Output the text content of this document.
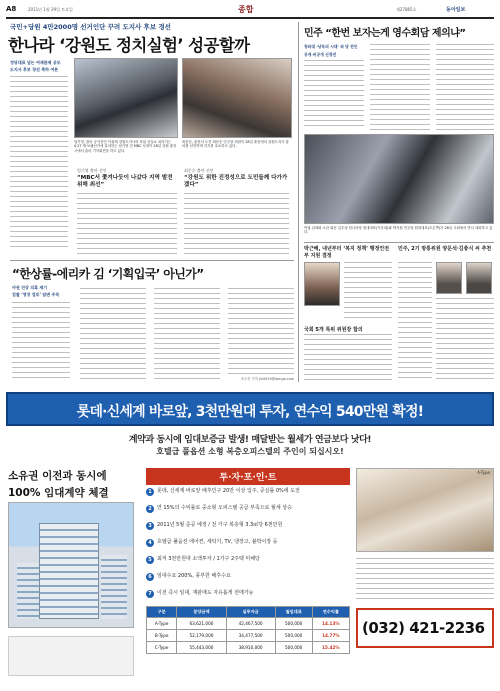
A8	2011년 1월 29일 토요일	종합	제27865호	동아일보
국민+당원 4만2000명 선거인단 꾸려 도지사 후보 경선
한나라 ‘강원도 정치실험’ 성공할까
정당대표 넘는 여재관제 공모
도지사 후보 경선 축하 여론
엄기영, 출마 공식선언 이광재 강원도지사의 직위 상실로 치러지는 4·27 재·보궐선거에 출마하는 엄기영 전 MBC 사장이 28일 강원 춘천시에서 출마 기자회견을 하고 있다.
최문순, 춘천서 도전 최문순 민주당 의원이 28일 춘천에서 강원도지사 출마를 선언하며 지지를 호소하고 있다.
엄기영 출마 선언
“MBC서 쫓겨나듯이 나갔다 지역 발전 위해 최선”
최문순 출마 선언
“강원도 위한 진정성으로 도민들께 다가가겠다”
“한상률-에리카 김 ‘기획입국’ 아닌가”
야권 진상 의혹 제기
검찰 ‘영장 검토’ 답변 주목
조수진 기자 jin0619@donga.com
민주 “한번 보자는게 영수회담 제의냐”
청와대 ‘낭독의 시대’ 와 당 전인
공개·비공개 신경전
여권 실세와 오찬 회동 김무성 한나라당 원내대표(가운데)와 박지원 민주당 원내대표(오른쪽)가 28일 국회에서 만나 대화하고 있다.
박근혜, 내년부터 ‘복지 정책’ 행정안전부 지원 결정
국회 5개 특위 위원장 합의
민주, 2기 방통위원 양문석·김충식 씨 추천
롯데·신세계 바로앞, 3천만원대 투자, 연수익 540만원 확정!
계약과 동시에 임대보증금 발생! 매달받는 월세가 연금보다 낫다!
호텔급 풀옵션 소형 복층오피스텔의 주인이 되십시오!
소유권 이전과 동시에
100% 임대계약 체결
투·자·포·인·트
1	롯데, 신세계 바로앞 배후인구 20만 이상 입주, 공실률 0%에 도전
2	연 15%의 수익률로 중소형 오피스텔 공급 부족으로 월세 상승
3	2011년 5월 준공 예정 / 전 가구 복층형 3.3㎡당 6천만원
4	호텔급 풀옵션 에어컨, 세탁기, TV, 냉장고, 붙박이장 등
5	최저 3천만원대 소액투자 / 1가구 2주택 미해당
6	임대수요 200%, 풍부한 배후수요
7	이전 즉시 임대, 재판매도 자유롭게 전매가능
구분	분양금액	실투자금	월임대료	연수익률
A-Type	63,621,000	42,467,500	500,000	14.13%
B-Type	52,179,000	34,477,500	500,000	14.77%
C-Type	55,443,000	38,910,000	500,000	15.42%
A-Type
(032) 421-2236
